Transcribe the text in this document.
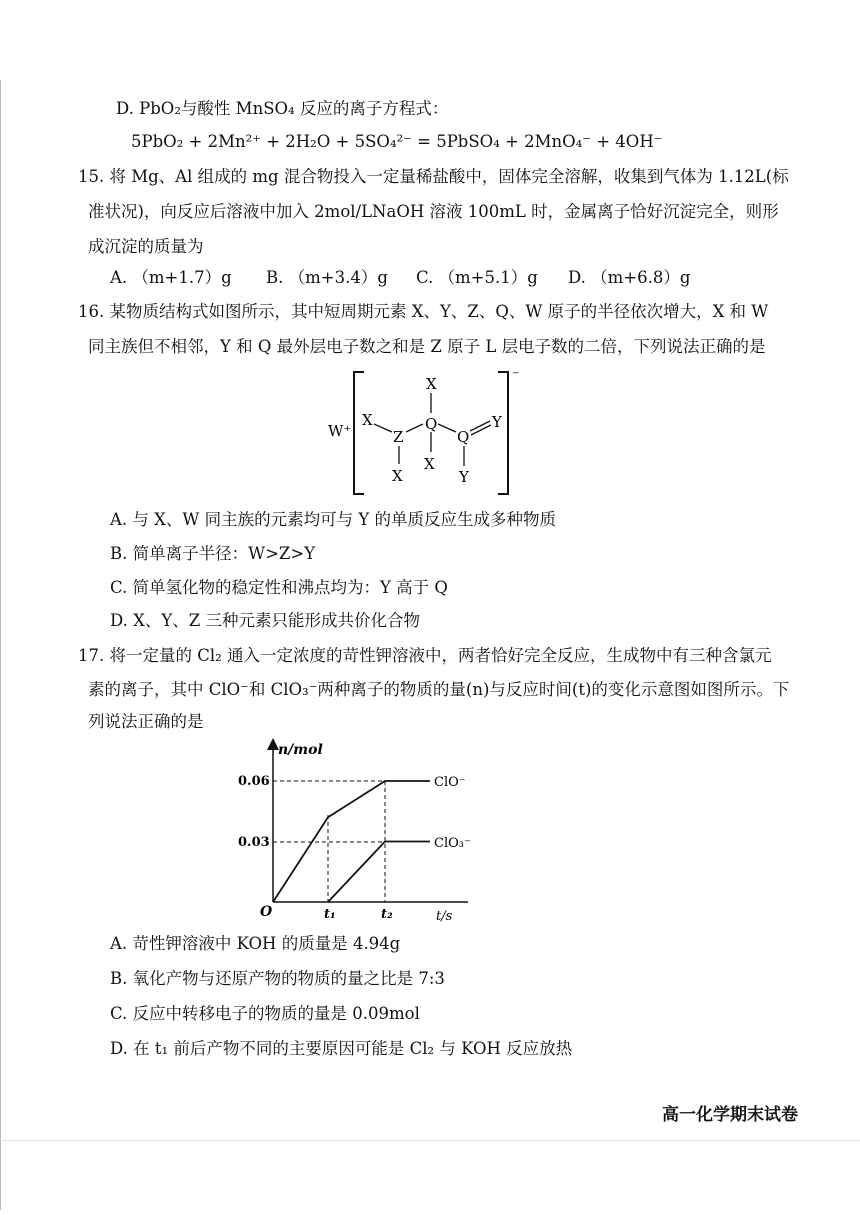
D. PbO₂与酸性 MnSO₄ 反应的离子方程式：
5PbO₂ + 2Mn²⁺ + 2H₂O + 5SO₄²⁻ = 5PbSO₄ + 2MnO₄⁻ + 4OH⁻
15. 将 Mg、Al 组成的 mg 混合物投入一定量稀盐酸中，固体完全溶解，收集到气体为 1.12L(标
准状况)，向反应后溶液中加入 2mol/LNaOH 溶液 100mL 时，金属离子恰好沉淀完全，则形
成沉淀的质量为
A. （m+1.7）g B. （m+3.4）g C. （m+5.1）g D. （m+6.8）g
16. 某物质结构式如图所示，其中短周期元素 X、Y、Z、Q、W 原子的半径依次增大，X 和 W
同主族但不相邻，Y 和 Q 最外层电子数之和是 Z 原子 L 层电子数的二倍，下列说法正确的是
⁻
W⁺
X
Z
X
X
Q
X
Q
Y
Y
A. 与 X、W 同主族的元素均可与 Y 的单质反应生成多种物质
B. 简单离子半径：W>Z>Y
C. 简单氢化物的稳定性和沸点均为：Y 高于 Q
D. X、Y、Z 三种元素只能形成共价化合物
17. 将一定量的 Cl₂ 通入一定浓度的苛性钾溶液中，两者恰好完全反应，生成物中有三种含氯元
素的离子，其中 ClO⁻和 ClO₃⁻两种离子的物质的量(n)与反应时间(t)的变化示意图如图所示。下
列说法正确的是
n/mol
t/s
O
0.06
0.03
t₁	t₂
ClO⁻
ClO₃⁻
A. 苛性钾溶液中 KOH 的质量是 4.94g
B. 氧化产物与还原产物的物质的量之比是 7:3
C. 反应中转移电子的物质的量是 0.09mol
D. 在 t₁ 前后产物不同的主要原因可能是 Cl₂ 与 KOH 反应放热
高一化学期末试卷
